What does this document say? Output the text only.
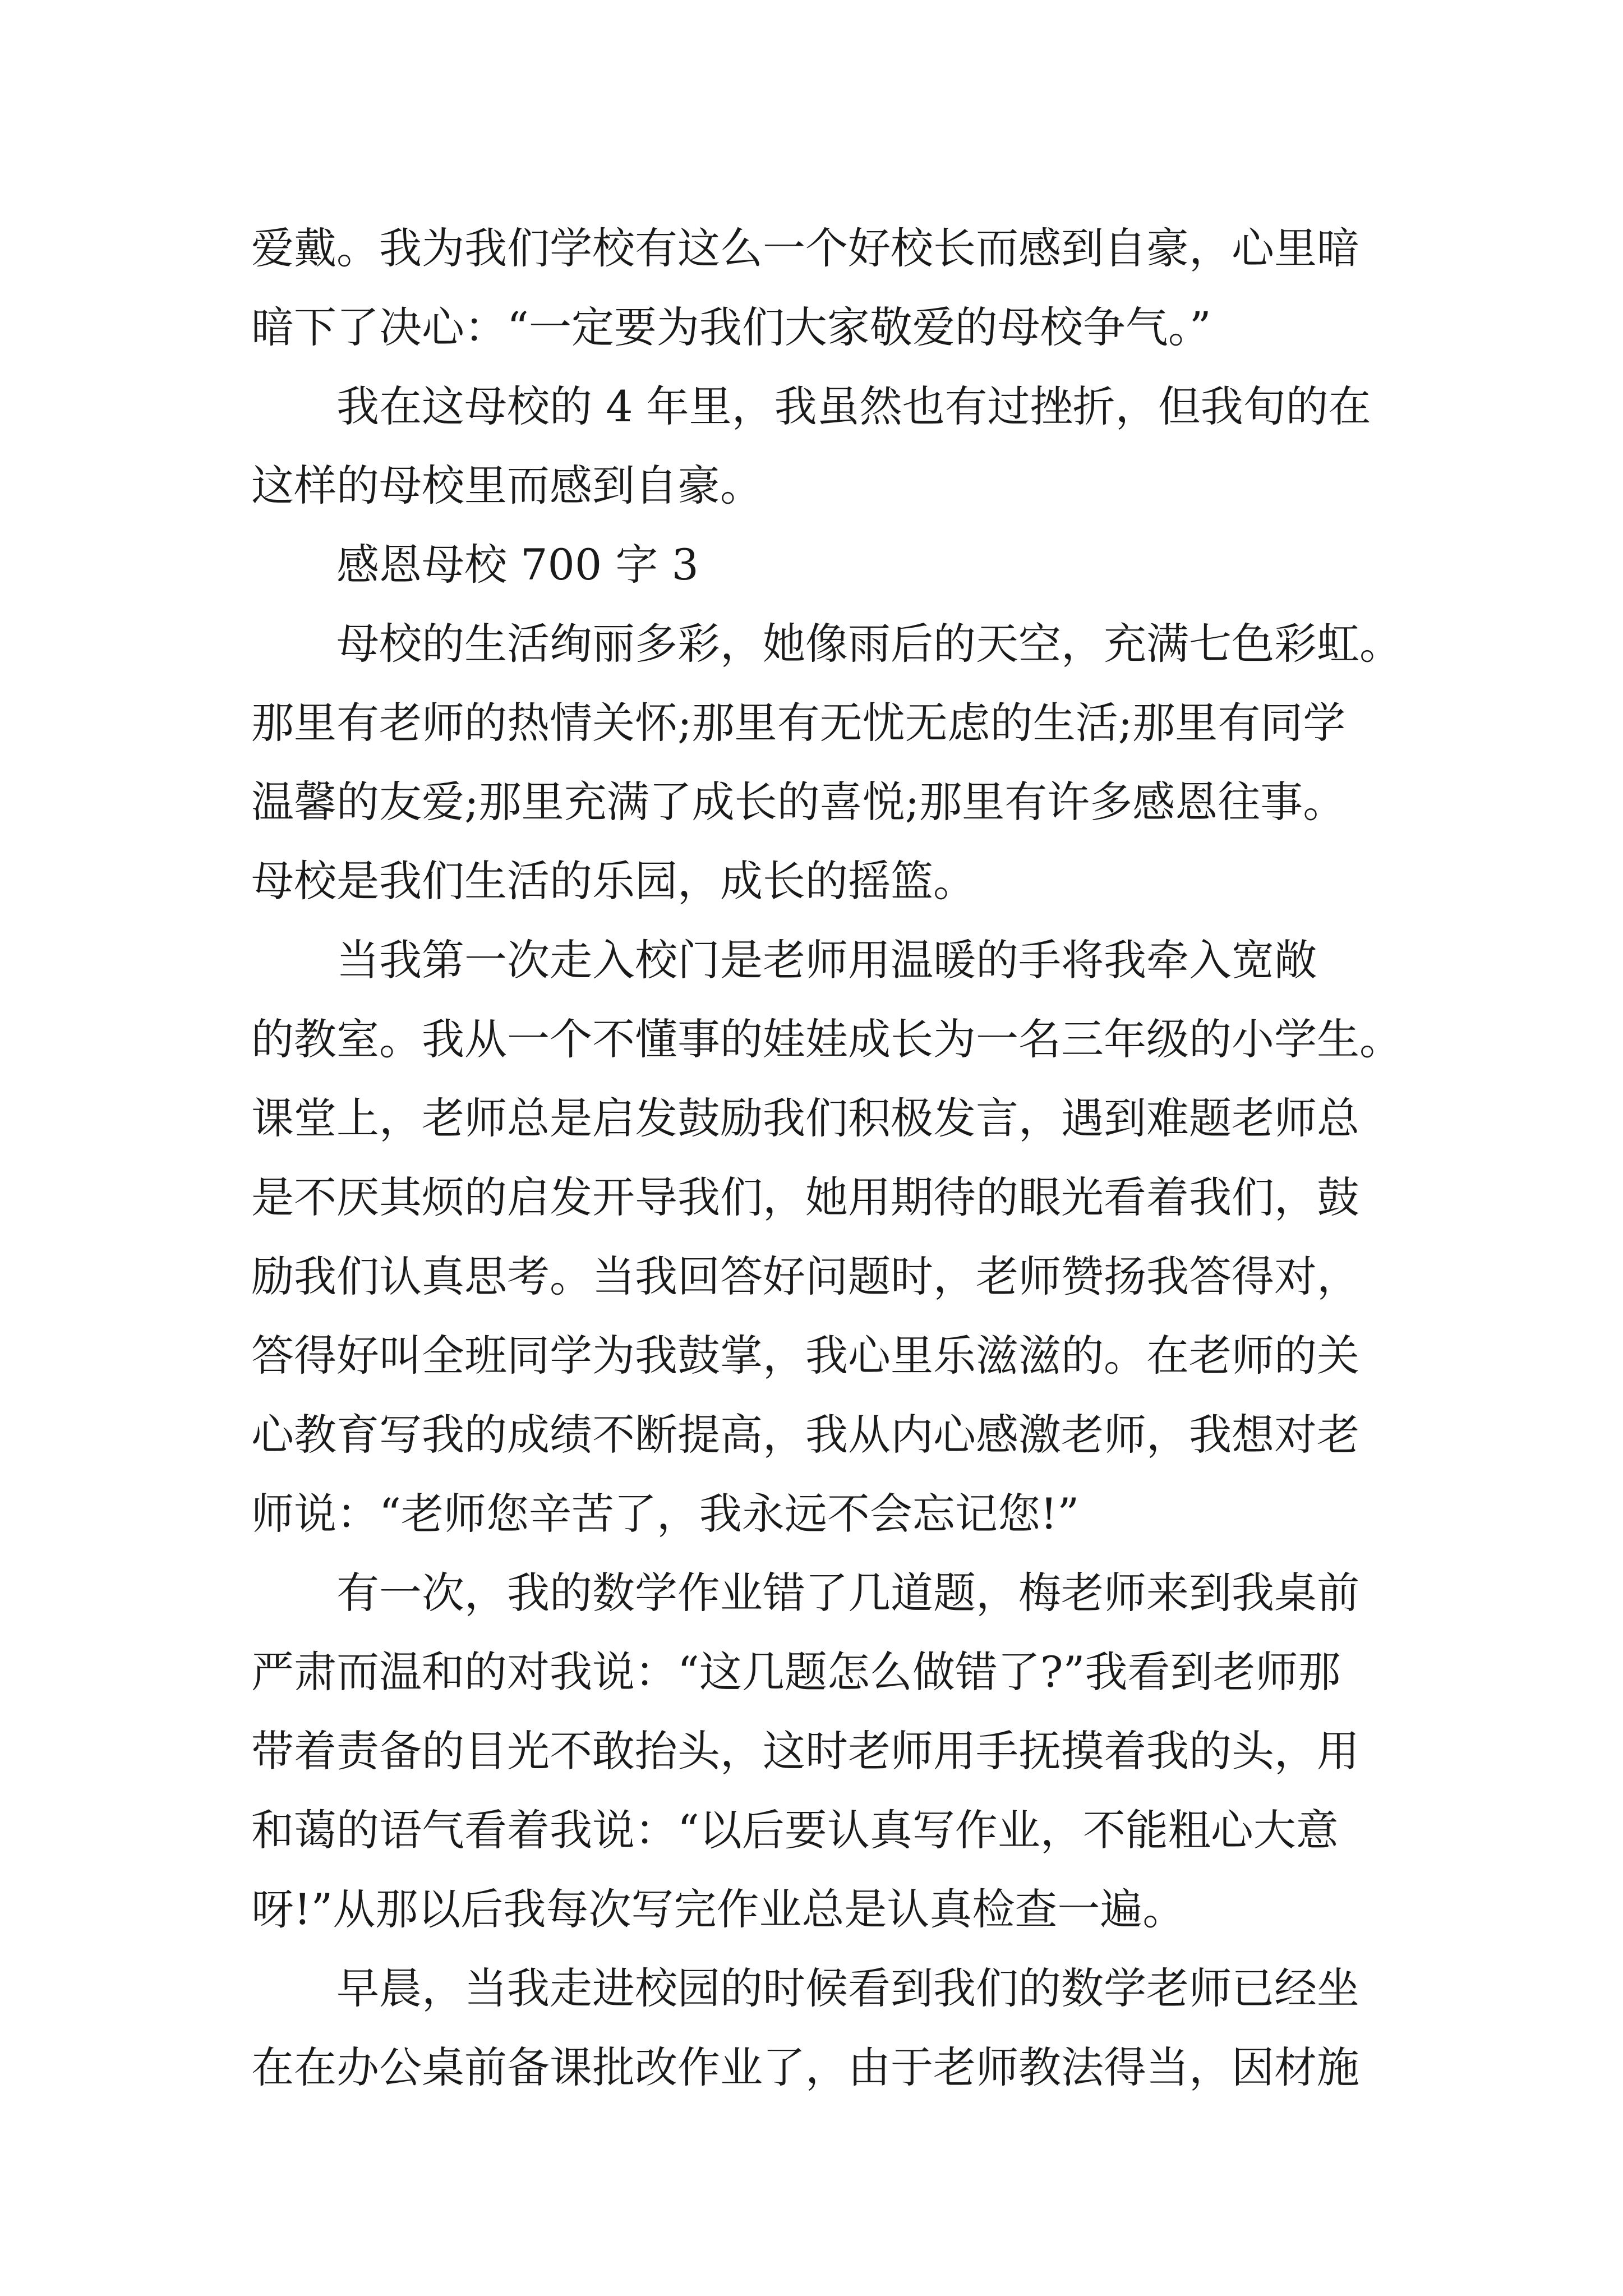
爱戴。我为我们学校有这么一个好校长而感到自豪，心里暗
暗下了决心：“一定要为我们大家敬爱的母校争气。”
我在这母校的 4 年里，我虽然也有过挫折，但我旬的在
这样的母校里而感到自豪。
感恩母校 700 字 3
母校的生活绚丽多彩，她像雨后的天空，充满七色彩虹。
那里有老师的热情关怀;那里有无忧无虑的生活;那里有同学
温馨的友爱;那里充满了成长的喜悦;那里有许多感恩往事。
母校是我们生活的乐园，成长的摇篮。
当我第一次走入校门是老师用温暖的手将我牵入宽敞
的教室。我从一个不懂事的娃娃成长为一名三年级的小学生。
课堂上，老师总是启发鼓励我们积极发言，遇到难题老师总
是不厌其烦的启发开导我们，她用期待的眼光看着我们，鼓
励我们认真思考。当我回答好问题时，老师赞扬我答得对，
答得好叫全班同学为我鼓掌，我心里乐滋滋的。在老师的关
心教育写我的成绩不断提高，我从内心感激老师，我想对老
师说：“老师您辛苦了，我永远不会忘记您!”
有一次，我的数学作业错了几道题，梅老师来到我桌前
严肃而温和的对我说：“这几题怎么做错了?”我看到老师那
带着责备的目光不敢抬头，这时老师用手抚摸着我的头，用
和蔼的语气看着我说：“以后要认真写作业，不能粗心大意
呀!”从那以后我每次写完作业总是认真检查一遍。
早晨，当我走进校园的时候看到我们的数学老师已经坐
在在办公桌前备课批改作业了，由于老师教法得当，因材施
